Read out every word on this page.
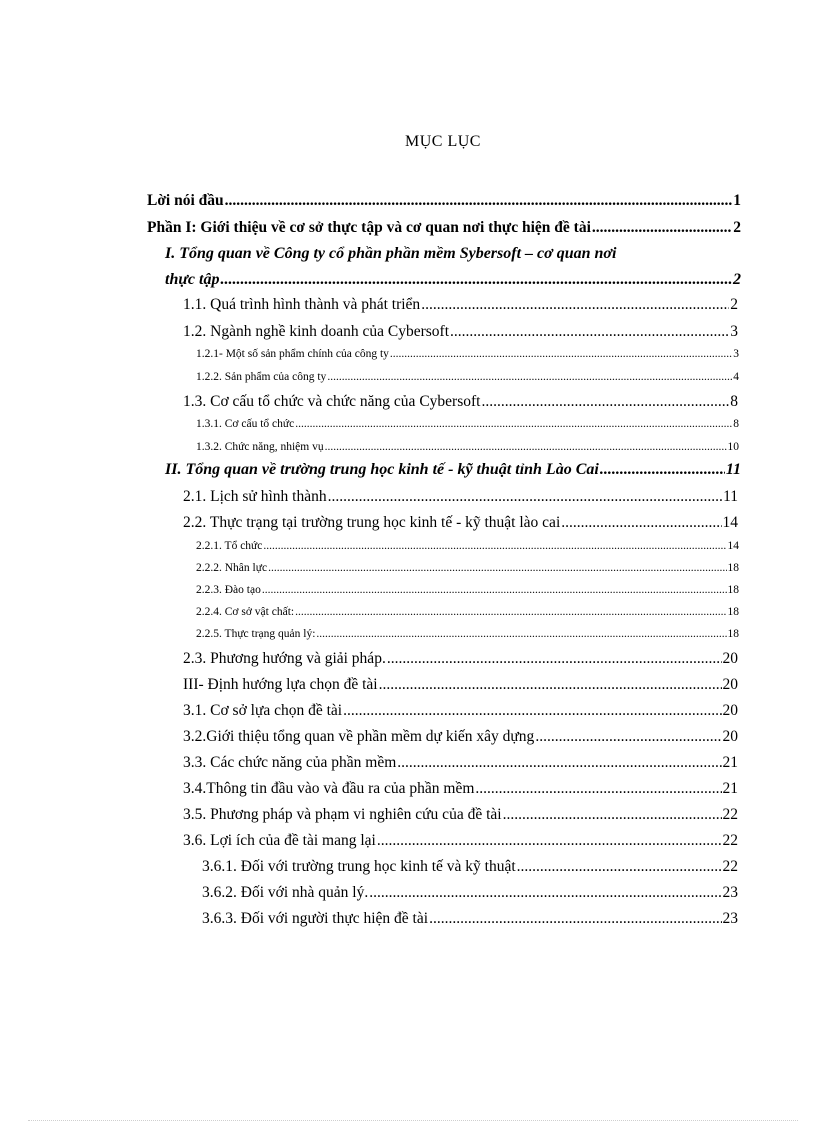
MỤC LỤC
Lời nói đầu .....	1
Phần I: Giới thiệu về cơ sở thực tập và cơ quan nơi thực hiện đề tài .....	2
I. Tổng quan về Công ty cổ phần phần mềm Sybersoft – cơ quan nơi
thực tập .....	2
1.1. Quá trình hình thành và phát triển .....	2
1.2. Ngành nghề kinh doanh của Cybersoft .....	3
1.2.1- Một số sản phẩm chính của công ty .....	3
1.2.2. Sản phẩm của công ty .....	4
1.3. Cơ cấu tổ chức và chức năng của Cybersoft .....	8
1.3.1. Cơ cấu tổ chức .....	8
1.3.2. Chức năng, nhiệm vụ .....	10
II. Tổng quan về trường trung học kinh tế - kỹ thuật tỉnh Lào Cai .....	11
2.1. Lịch sử hình thành .....	11
2.2. Thực trạng tại trường trung học kinh tế - kỹ thuật lào cai .....	14
2.2.1. Tổ chức .....	14
2.2.2. Nhân lực .....	18
2.2.3. Đào tạo .....	18
2.2.4. Cơ sở vật chất: .....	18
2.2.5. Thực trạng quản lý: .....	18
2.3. Phương hướng và giải pháp. .....	20
III- Định hướng lựa chọn đề tài .....	20
3.1. Cơ sở lựa chọn đề tài .....	20
3.2.Giới thiệu tổng quan về phần mềm dự kiến xây dựng .....	20
3.3. Các chức năng của phần mềm .....	21
3.4.Thông tin đầu vào và đầu ra của phần mềm .....	21
3.5. Phương pháp và phạm vi nghiên cứu của đề tài .....	22
3.6. Lợi ích của đề tài mang lại .....	22
3.6.1. Đối với trường trung học kinh tế và kỹ thuật .....	22
3.6.2. Đối với nhà quản lý. .....	23
3.6.3. Đối với người thực hiện đề tài .....	23
